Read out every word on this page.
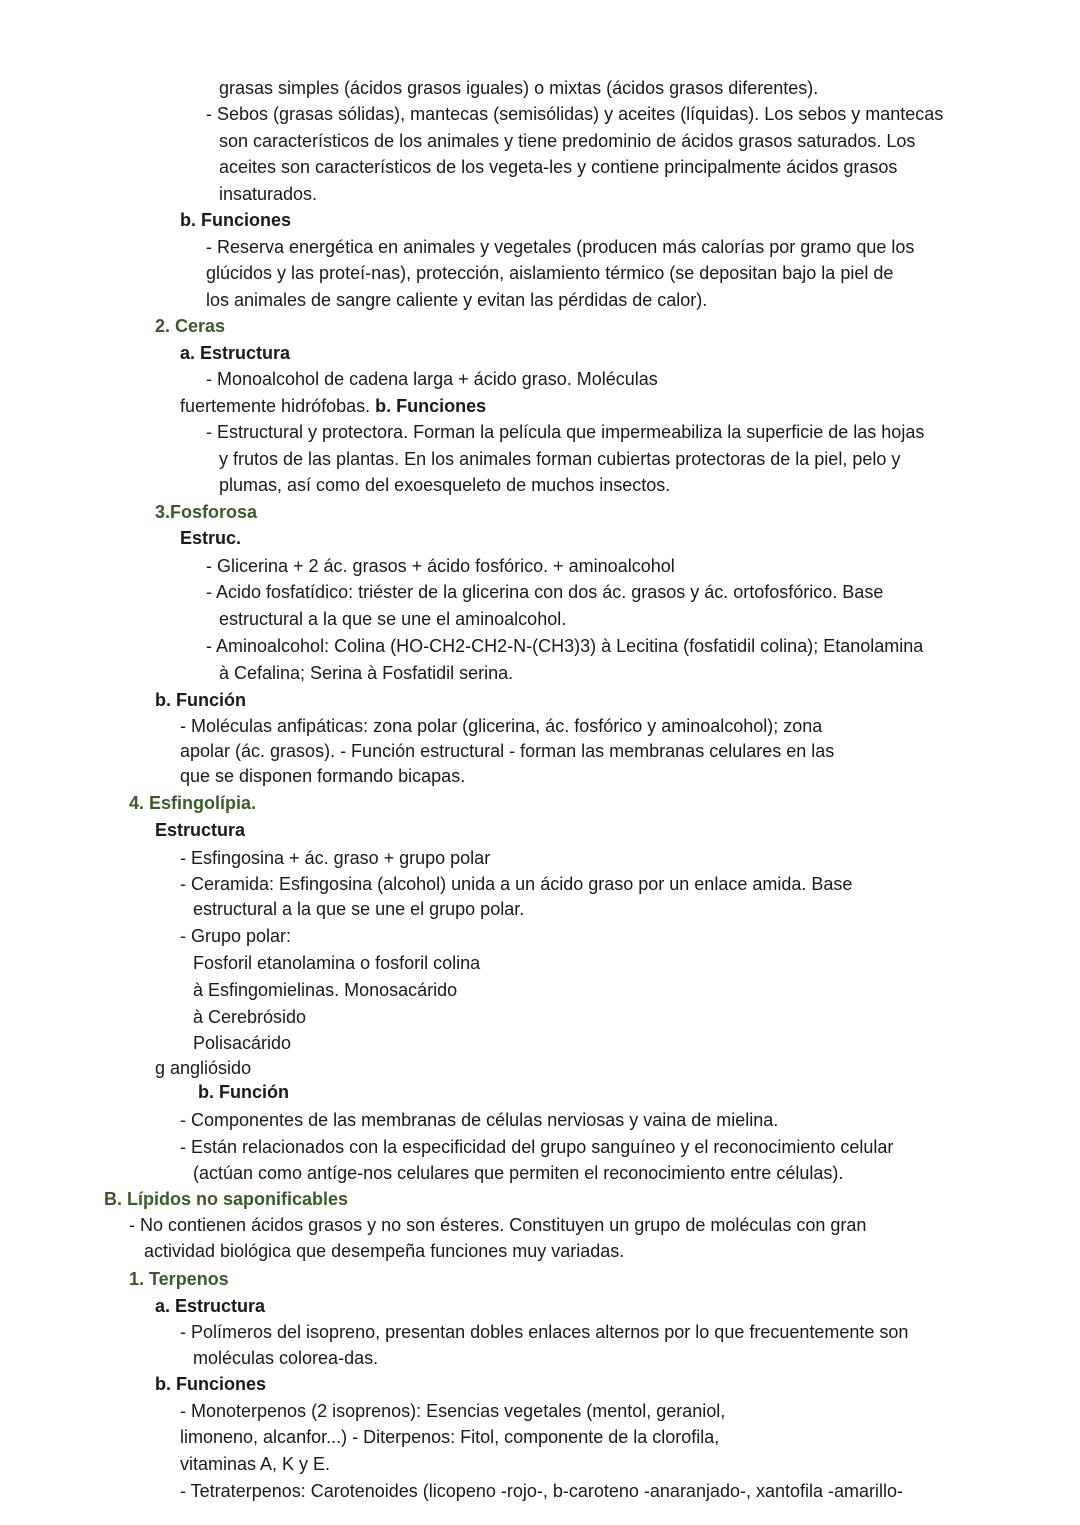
grasas simples (ácidos grasos iguales) o mixtas (ácidos grasos diferentes).
- Sebos (grasas sólidas), mantecas (semisólidas) y aceites (líquidas). Los sebos y mantecas
son característicos de los animales y tiene predominio de ácidos grasos saturados. Los
aceites son característicos de los vegeta-les y contiene principalmente ácidos grasos
insaturados.
b. Funciones
- Reserva energética en animales y vegetales (producen más calorías por gramo que los
glúcidos y las proteí-nas), protección, aislamiento térmico (se depositan bajo la piel de
los animales de sangre caliente y evitan las pérdidas de calor).
2. Ceras
a. Estructura
- Monoalcohol de cadena larga + ácido graso. Moléculas
fuertemente hidrófobas. b. Funciones
- Estructural y protectora. Forman la película que impermeabiliza la superficie de las hojas
y frutos de las plantas. En los animales forman cubiertas protectoras de la piel, pelo y
plumas, así como del exoesqueleto de muchos insectos.
3.Fosforosa
Estruc.
- Glicerina + 2 ác. grasos + ácido fosfórico. + aminoalcohol
- Acido fosfatídico: triéster de la glicerina con dos ác. grasos y ác. ortofosfórico. Base
estructural a la que se une el aminoalcohol.
- Aminoalcohol: Colina (HO-CH2-CH2-N-(CH3)3) à Lecitina (fosfatidil colina); Etanolamina
à Cefalina; Serina à Fosfatidil serina.
b. Función
- Moléculas anfipáticas: zona polar (glicerina, ác. fosfórico y aminoalcohol); zona
apolar (ác. grasos). - Función estructural - forman las membranas celulares en las
que se disponen formando bicapas.
4. Esfingolípia.
Estructura
- Esfingosina + ác. graso + grupo polar
- Ceramida: Esfingosina (alcohol) unida a un ácido graso por un enlace amida. Base
estructural a la que se une el grupo polar.
- Grupo polar:
Fosforil etanolamina o fosforil colina
à Esfingomielinas. Monosacárido
à Cerebrósido
Polisacárido
g angliósido
b. Función
- Componentes de las membranas de células nerviosas y vaina de mielina.
- Están relacionados con la especificidad del grupo sanguíneo y el reconocimiento celular
(actúan como antíge-nos celulares que permiten el reconocimiento entre células).
B. Lípidos no saponificables
- No contienen ácidos grasos y no son ésteres. Constituyen un grupo de moléculas con gran
actividad biológica que desempeña funciones muy variadas.
1. Terpenos
a. Estructura
- Polímeros del isopreno, presentan dobles enlaces alternos por lo que frecuentemente son
moléculas colorea-das.
b. Funciones
- Monoterpenos (2 isoprenos): Esencias vegetales (mentol, geraniol,
limoneno, alcanfor...) - Diterpenos: Fitol, componente de la clorofila,
vitaminas A, K y E.
- Tetraterpenos: Carotenoides (licopeno -rojo-, b-caroteno -anaranjado-, xantofila -amarillo-
